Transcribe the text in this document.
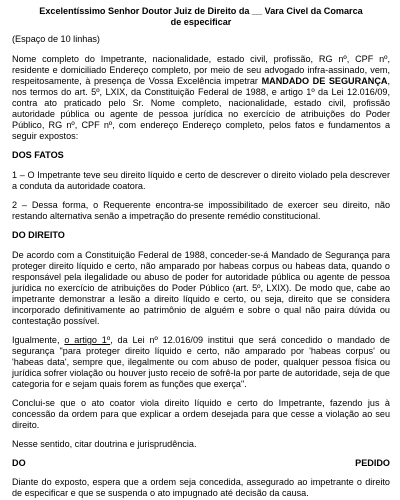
Excelentíssimo Senhor Doutor Juiz de Direito da __ Vara Civel da Comarca
de especificar

(Espaço de 10 linhas)

Nome completo do Impetrante, nacionalidade, estado civil, profissão, RG nº, CPF nº, residente e domiciliado Endereço completo, por meio de seu advogado infra-assinado, vem, respeitosamente, à presença de Vossa Excelência impetrar MANDADO DE SEGURANÇA, nos termos do art. 5º, LXIX, da Constituição Federal de 1988, e artigo 1º da Lei 12.016/09, contra ato praticado pelo Sr. Nome completo, nacionalidade, estado civil, profissão autoridade pública ou agente de pessoa jurídica no exercício de atribuições do Poder Público, RG nº, CPF nº, com endereço Endereço completo, pelos fatos e fundamentos a seguir expostos:

DOS FATOS

1 – O Impetrante teve seu direito líquido e certo de descrever o direito violado pela descrever a conduta da autoridade coatora.

2 – Dessa forma, o Requerente encontra-se impossibilitado de exercer seu direito, não restando alternativa senão a impetração do presente remédio constitucional.

DO DIREITO

De acordo com a Constituição Federal de 1988, conceder-se-á Mandado de Segurança para proteger direito líquido e certo, não amparado por habeas corpus ou habeas data, quando o responsável pela ilegalidade ou abuso de poder for autoridade pública ou agente de pessoa jurídica no exercício de atribuições do Poder Público (art. 5º, LXIX). De modo que, cabe ao impetrante demonstrar a lesão a direito líquido e certo, ou seja, direito que se considera incorporado definitivamente ao patrimônio de alguém e sobre o qual não paira dúvida ou contestação possível.

Igualmente, o artigo 1º, da Lei nº 12.016/09 institui que será concedido o mandado de segurança "para proteger direito líquido e certo, não amparado por 'habeas corpus' ou 'habeas data', sempre que, ilegalmente ou com abuso de poder, qualquer pessoa física ou jurídica sofrer violação ou houver justo receio de sofrê-la por parte de autoridade, seja de que categoria for e sejam quais forem as funções que exerça".

Conclui-se que o ato coator viola direito líquido e certo do Impetrante, fazendo jus à concessão da ordem para que explicar a ordem desejada para que cesse a violação ao seu direito.

Nesse sentido, citar doutrina e jurisprudência.

DO	PEDIDO

Diante do exposto, espera que a ordem seja concedida, assegurado ao impetrante o direito de especificar e que se suspenda o ato impugnado até decisão da causa.
